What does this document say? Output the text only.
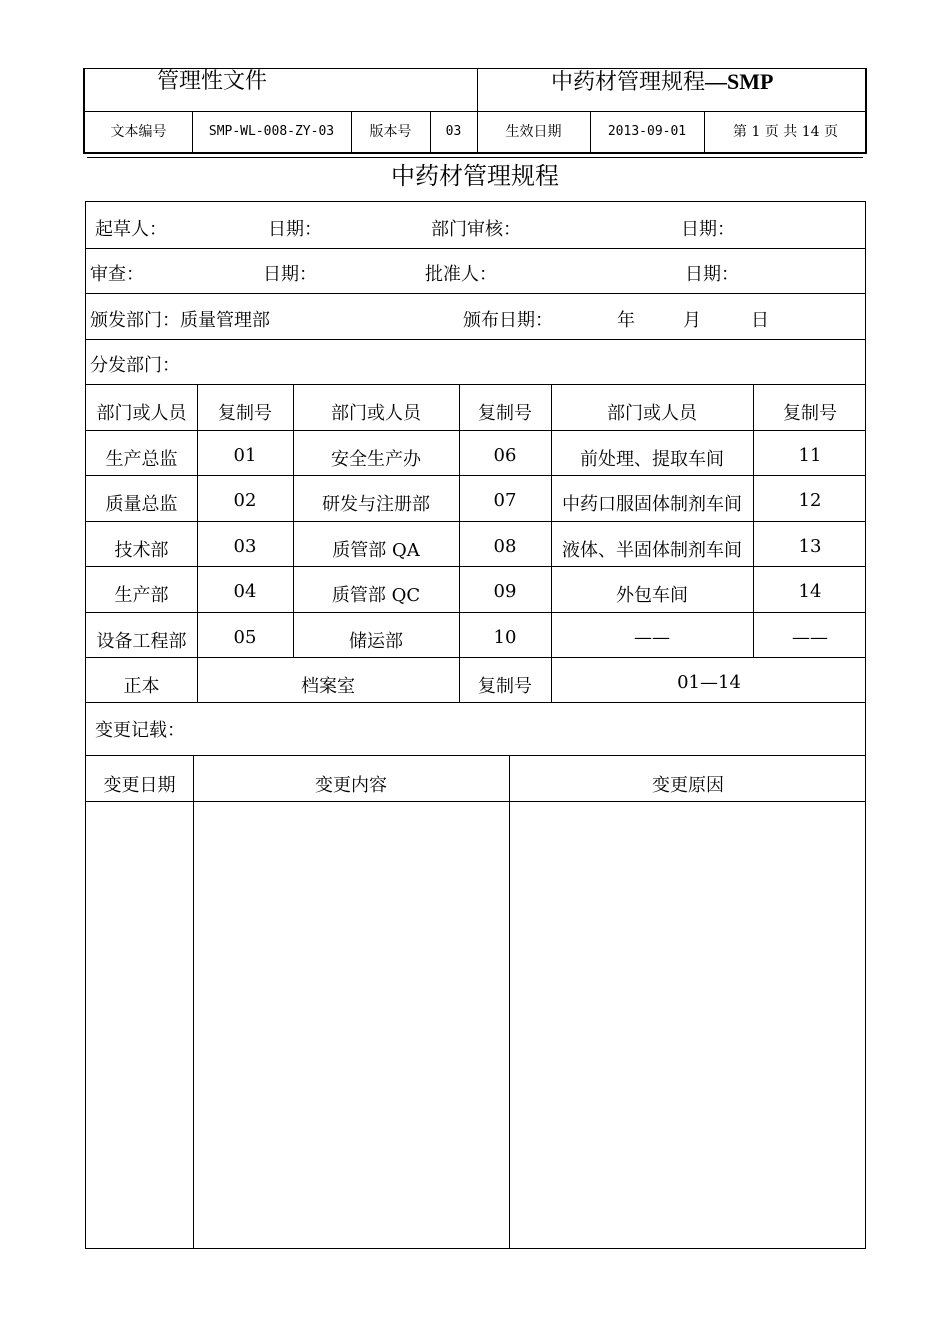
管理性文件	中药材管理规程—SMP
文本编号	SMP-WL-008-ZY-03	版本号	03	生效日期	2013-09-01	第 1 页 共 14 页
中药材管理规程
起草人：	日期：	部门审核：	日期：
审查：	日期：	批准人：	日期：
颁发部门：质量管理部	颁布日期：	年	月	日
分发部门：
部门或人员	复制号	部门或人员	复制号	部门或人员	复制号
生产总监	01	安全生产办	06	前处理、提取车间	11
质量总监	02	研发与注册部	07	中药口服固体制剂车间	12
技术部	03	质管部 QA	08	液体、半固体制剂车间	13
生产部	04	质管部 QC	09	外包车间	14
设备工程部	05	储运部	10	——	——
正本	档案室	复制号	01—14
变更记载：
变更日期	变更内容	变更原因
